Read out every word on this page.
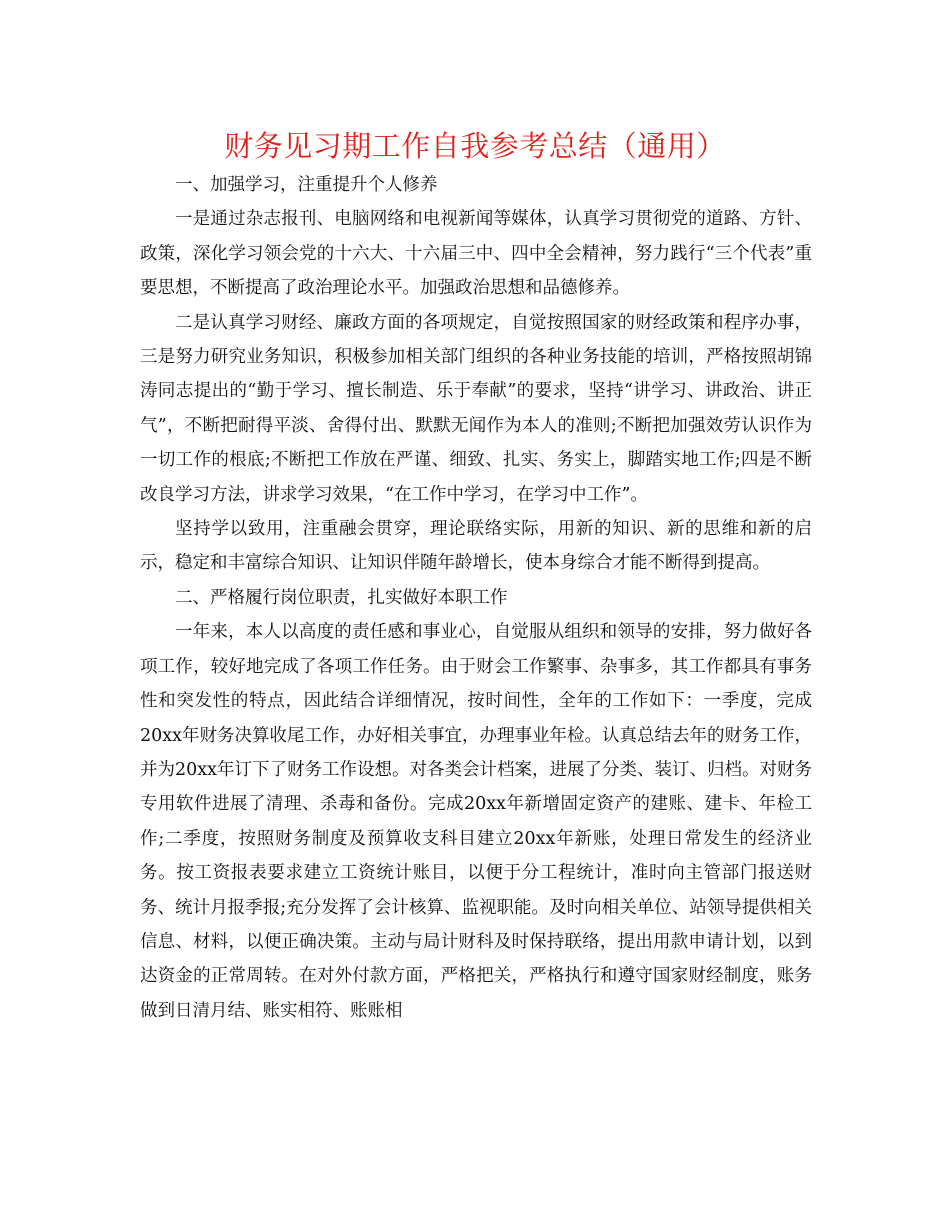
财务见习期工作自我参考总结（通用）

一、加强学习，注重提升个人修养

一是通过杂志报刊、电脑网络和电视新闻等媒体，认真学习贯彻党的道路、方针、政策，深化学习领会党的十六大、十六届三中、四中全会精神，努力践行“三个代表”重要思想，不断提高了政治理论水平。加强政治思想和品德修养。

二是认真学习财经、廉政方面的各项规定，自觉按照国家的财经政策和程序办事，三是努力研究业务知识，积极参加相关部门组织的各种业务技能的培训，严格按照胡锦涛同志提出的“勤于学习、擅长制造、乐于奉献”的要求，坚持“讲学习、讲政治、讲正气”，不断把耐得平淡、舍得付出、默默无闻作为本人的准则;不断把加强效劳认识作为一切工作的根底;不断把工作放在严谨、细致、扎实、务实上，脚踏实地工作;四是不断改良学习方法，讲求学习效果，“在工作中学习，在学习中工作”。

坚持学以致用，注重融会贯穿，理论联络实际，用新的知识、新的思维和新的启示，稳定和丰富综合知识、让知识伴随年龄增长，使本身综合才能不断得到提高。

二、严格履行岗位职责，扎实做好本职工作

一年来，本人以高度的责任感和事业心，自觉服从组织和领导的安排，努力做好各项工作，较好地完成了各项工作任务。由于财会工作繁事、杂事多，其工作都具有事务性和突发性的特点，因此结合详细情况，按时间性，全年的工作如下：一季度，完成20xx年财务决算收尾工作，办好相关事宜，办理事业年检。认真总结去年的财务工作，并为20xx年订下了财务工作设想。对各类会计档案，进展了分类、装订、归档。对财务专用软件进展了清理、杀毒和备份。完成20xx年新增固定资产的建账、建卡、年检工作;二季度，按照财务制度及预算收支科目建立20xx年新账，处理日常发生的经济业务。按工资报表要求建立工资统计账目，以便于分工程统计，准时向主管部门报送财务、统计月报季报;充分发挥了会计核算、监视职能。及时向相关单位、站领导提供相关信息、材料，以便正确决策。主动与局计财科及时保持联络，提出用款申请计划，以到达资金的正常周转。在对外付款方面，严格把关，严格执行和遵守国家财经制度，账务做到日清月结、账实相符、账账相
